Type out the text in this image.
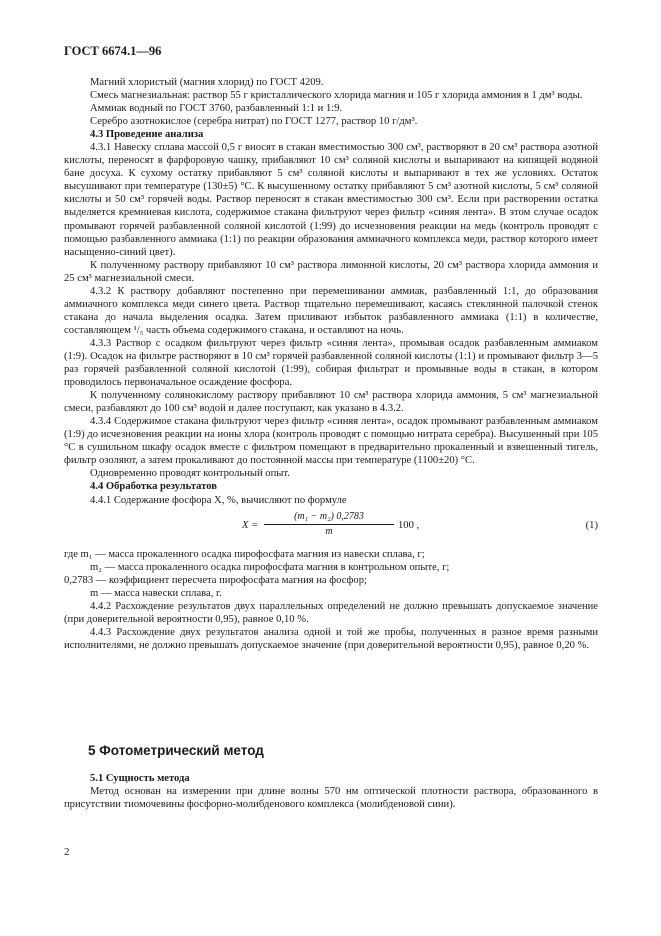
ГОСТ 6674.1—96

Магний хлористый (магния хлорид) по ГОСТ 4209.

Смесь магнезиальная: раствор 55 г кристаллического хлорида магния и 105 г хлорида аммония в 1 дм³ воды.

Аммиак водный по ГОСТ 3760, разбавленный 1:1 и 1:9.

Серебро азотнокислое (серебра нитрат) по ГОСТ 1277, раствор 10 г/дм³.

4.3 Проведение анализа

4.3.1 Навеску сплава массой 0,5 г вносят в стакан вместимостью 300 см³, растворяют в 20 см³ раствора азотной кислоты, переносят в фарфоровую чашку, прибавляют 10 см³ соляной кислоты и выпаривают на кипящей водяной бане досуха. К сухому остатку прибавляют 5 см³ соляной кислоты и выпаривают в тех же условиях. Остаток высушивают при температуре (130±5) °С. К высушенному остатку прибавляют 5 см³ азотной кислоты, 5 см³ соляной кислоты и 50 см³ горячей воды. Раствор переносят в стакан вместимостью 300 см³. Если при растворении остатка выделяется кремниевая кислота, содержимое стакана фильтруют через фильтр «синяя лента». В этом случае осадок промывают горячей разбавленной соляной кислотой (1:99) до исчезновения реакции на медь (контроль проводят с помощью разбавленного аммиака (1:1) по реакции образования аммиачного комплекса меди, раствор которого имеет насыщенно-синий цвет).

К полученному раствору прибавляют 10 см³ раствора лимонной кислоты, 20 см³ раствора хлорида аммония и 25 см³ магнезиальной смеси.

4.3.2 К раствору добавляют постепенно при перемешивании аммиак, разбавленный 1:1, до образования аммиачного комплекса меди синего цвета. Раствор тщательно перемешивают, касаясь стеклянной палочкой стенок стакана до начала выделения осадка. Затем приливают избыток разбавленного аммиака (1:1) в количестве, составляющем ¹/₅ часть объема содержимого стакана, и оставляют на ночь.

4.3.3 Раствор с осадком фильтруют через фильтр «синяя лента», промывая осадок разбавленным аммиаком (1:9). Осадок на фильтре растворяют в 10 см³ горячей разбавленной соляной кислоты (1:1) и промывают фильтр 3—5 раз горячей разбавленной соляной кислотой (1:99), собирая фильтрат и промывные воды в стакан, в котором проводилось первоначальное осаждение фосфора.

К полученному солянокислому раствору прибавляют 10 см³ раствора хлорида аммония, 5 см³ магнезиальной смеси, разбавляют до 100 см³ водой и далее поступают, как указано в 4.3.2.

4.3.4 Содержимое стакана фильтруют через фильтр «синяя лента», осадок промывают разбавленным аммиаком (1:9) до исчезновения реакции на ионы хлора (контроль проводят с помощью нитрата серебра). Высушенный при 105 °С в сушильном шкафу осадок вместе с фильтром помещают в предварительно прокаленный и взвешенный тигель, фильтр озоляют, а затем прокаливают до постоянной массы при температуре (1100±20) °С.

Одновременно проводят контрольный опыт.

4.4 Обработка результатов

4.4.1 Содержание фосфора X, %, вычисляют по формуле

$X = \frac{\text{(m₁ − m₂) 0,2783}}{m} 100$ ,	(1)

где m₁ — масса прокаленного осадка пирофосфата магния из навески сплава, г;

m₂ — масса прокаленного осадка пирофосфата магния в контрольном опыте, г;

0,2783 — коэффициент пересчета пирофосфата магния на фосфор;

m — масса навески сплава, г.

4.4.2 Расхождение результатов двух параллельных определений не должно превышать допускаемое значение (при доверительной вероятности 0,95), равное 0,10 %.

4.4.3 Расхождение двух результатов анализа одной и той же пробы, полученных в разное время разными исполнителями, не должно превышать допускаемое значение (при доверительной вероятности 0,95), равное 0,20 %.

5 Фотометрический метод

5.1 Сущность метода

Метод основан на измерении при длине волны 570 нм оптической плотности раствора, образованного в присутствии тиомочевины фосфорно-молибденового комплекса (молибденовой сини).

2
